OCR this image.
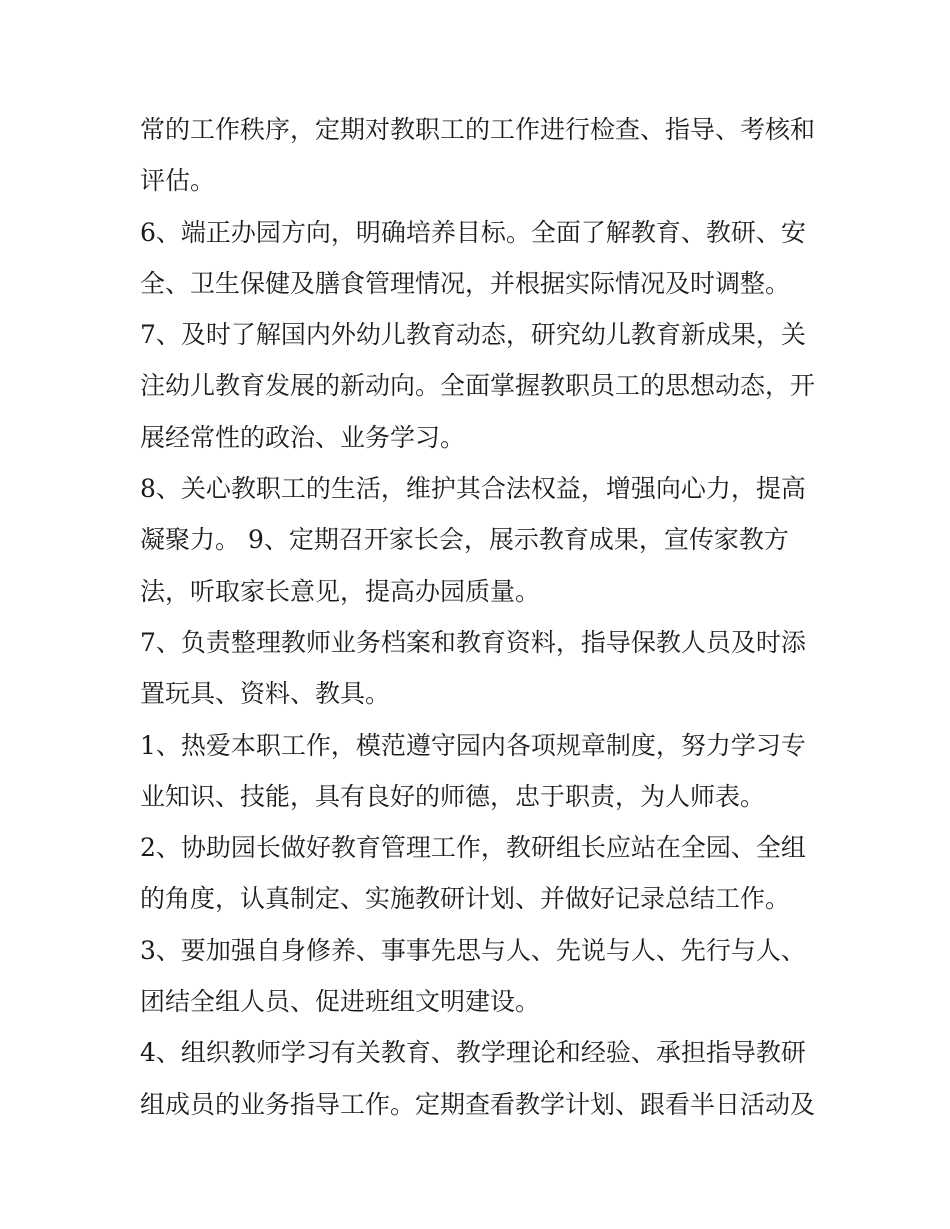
常的工作秩序，定期对教职工的工作进行检查、指导、考核和
评估。
6、端正办园方向，明确培养目标。全面了解教育、教研、安
全、卫生保健及膳食管理情况，并根据实际情况及时调整。
7、及时了解国内外幼儿教育动态，研究幼儿教育新成果，关
注幼儿教育发展的新动向。全面掌握教职员工的思想动态，开
展经常性的政治、业务学习。
8、关心教职工的生活，维护其合法权益，增强向心力，提高
凝聚力。 9、定期召开家长会，展示教育成果，宣传家教方
法，听取家长意见，提高办园质量。
7、负责整理教师业务档案和教育资料，指导保教人员及时添
置玩具、资料、教具。
1、热爱本职工作，模范遵守园内各项规章制度，努力学习专
业知识、技能，具有良好的师德，忠于职责，为人师表。
2、协助园长做好教育管理工作，教研组长应站在全园、全组
的角度，认真制定、实施教研计划、并做好记录总结工作。
3、要加强自身修养、事事先思与人、先说与人、先行与人、
团结全组人员、促进班组文明建设。
4、组织教师学习有关教育、教学理论和经验、承担指导教研
组成员的业务指导工作。定期查看教学计划、跟看半日活动及
